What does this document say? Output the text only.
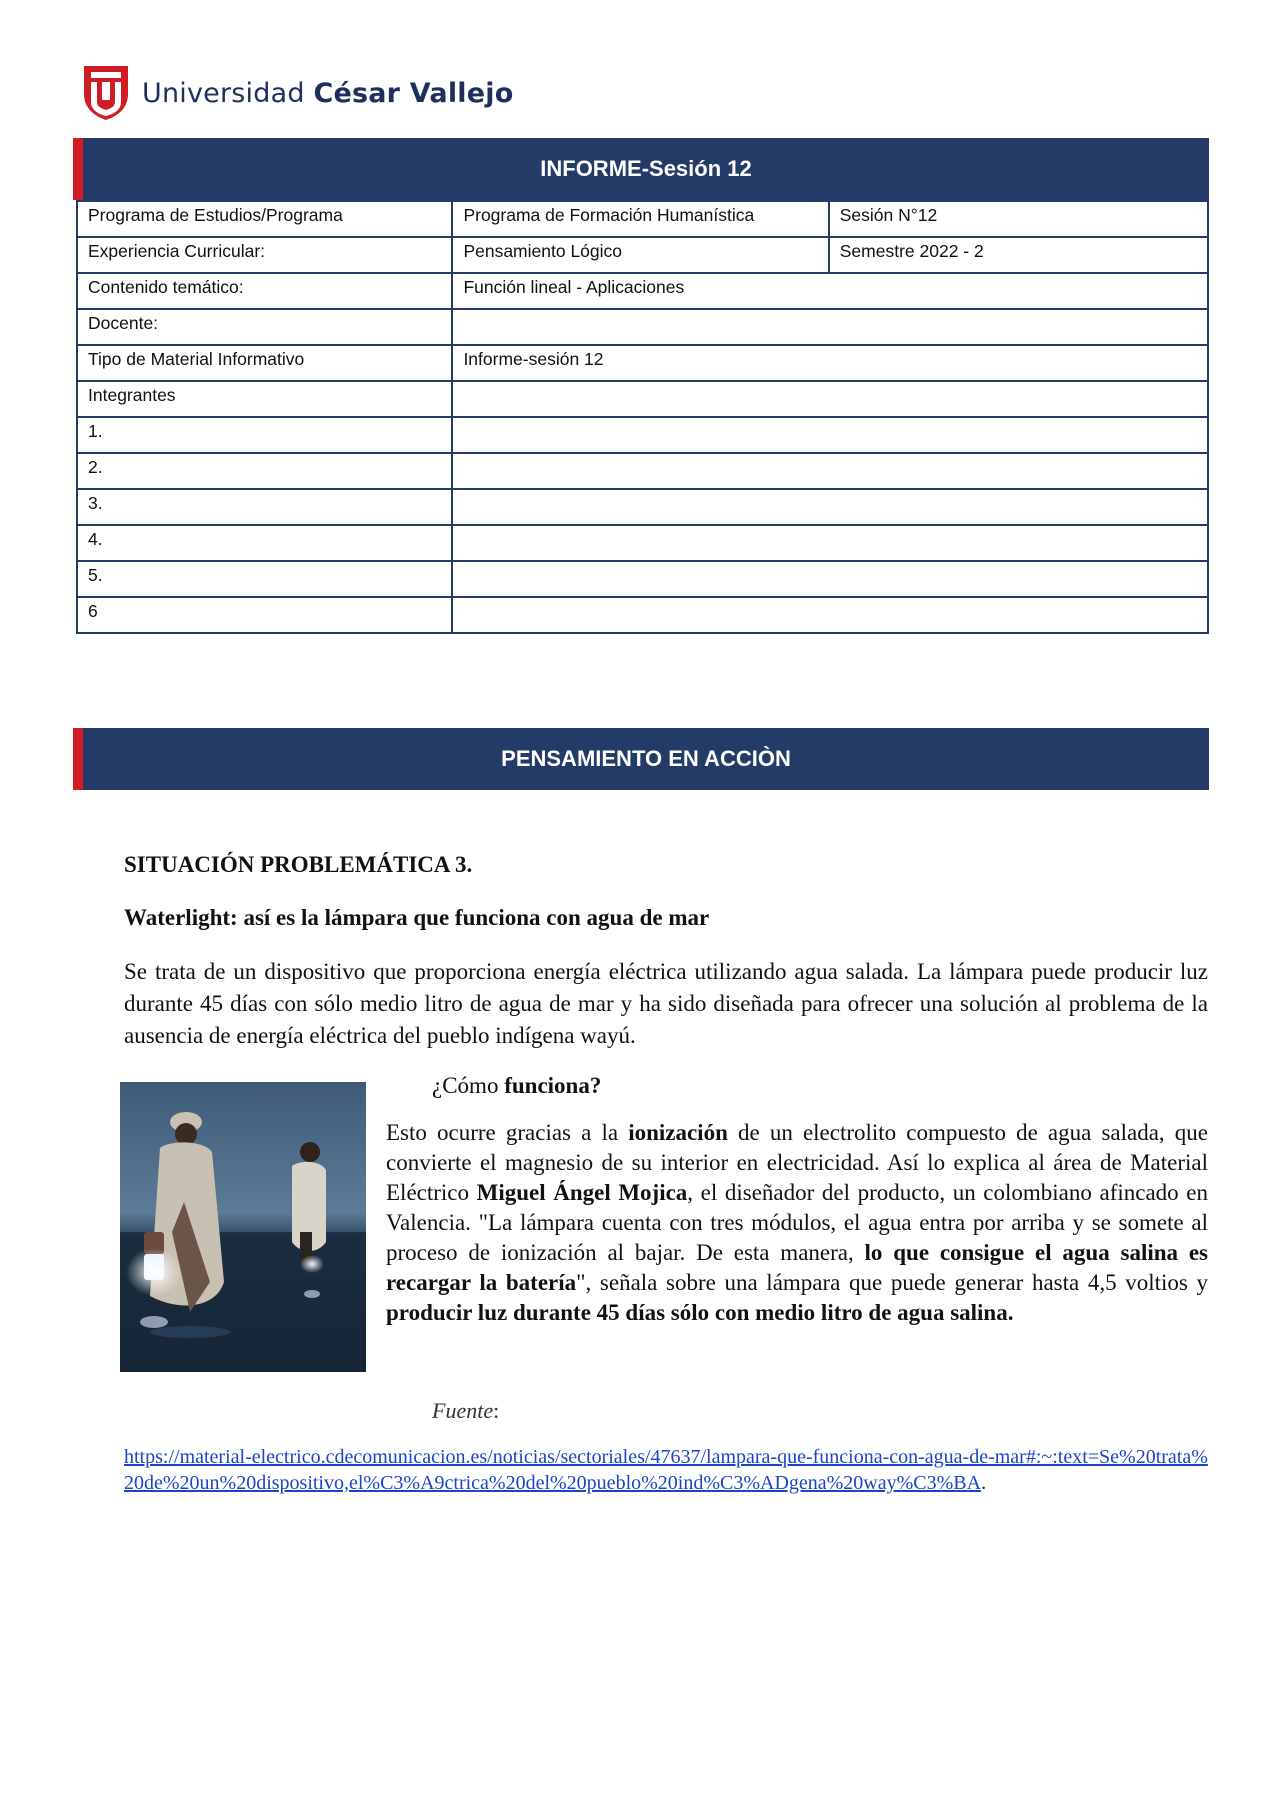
Universidad César Vallejo
INFORME-Sesión 12
Programa de Estudios/Programa	Programa de Formación Humanística	Sesión N°12
Experiencia Curricular:	Pensamiento Lógico	Semestre 2022 - 2
Contenido temático:	Función lineal - Aplicaciones	
Docente:		
Tipo de Material Informativo	Informe-sesión 12	
Integrantes		
1.		
2.		
3.		
4.		
5.		
6		
PENSAMIENTO EN ACCIÒN
SITUACIÓN PROBLEMÁTICA 3.
Waterlight: así es la lámpara que funciona con agua de mar
Se trata de un dispositivo que proporciona energía eléctrica utilizando agua salada. La lámpara puede producir luz durante 45 días con sólo medio litro de agua de mar y ha sido diseñada para ofrecer una solución al problema de la ausencia de energía eléctrica del pueblo indígena wayú.
¿Cómo funciona?
Esto ocurre gracias a la ionización de un electrolito compuesto de agua salada, que convierte el magnesio de su interior en electricidad. Así lo explica al área de Material Eléctrico Miguel Ángel Mojica, el diseñador del producto, un colombiano afincado en Valencia. "La lámpara cuenta con tres módulos, el agua entra por arriba y se somete al proceso de ionización al bajar. De esta manera, lo que consigue el agua salina es recargar la batería", señala sobre una lámpara que puede generar hasta 4,5 voltios y producir luz durante 45 días sólo con medio litro de agua salina.
Fuente:
https://material-electrico.cdecomunicacion.es/noticias/sectoriales/47637/lampara-que-funciona-con-agua-de-mar#:~:text=Se%20trata%20de%20un%20dispositivo,el%C3%A9ctrica%20del%20pueblo%20ind%C3%ADgena%20way%C3%BA.
